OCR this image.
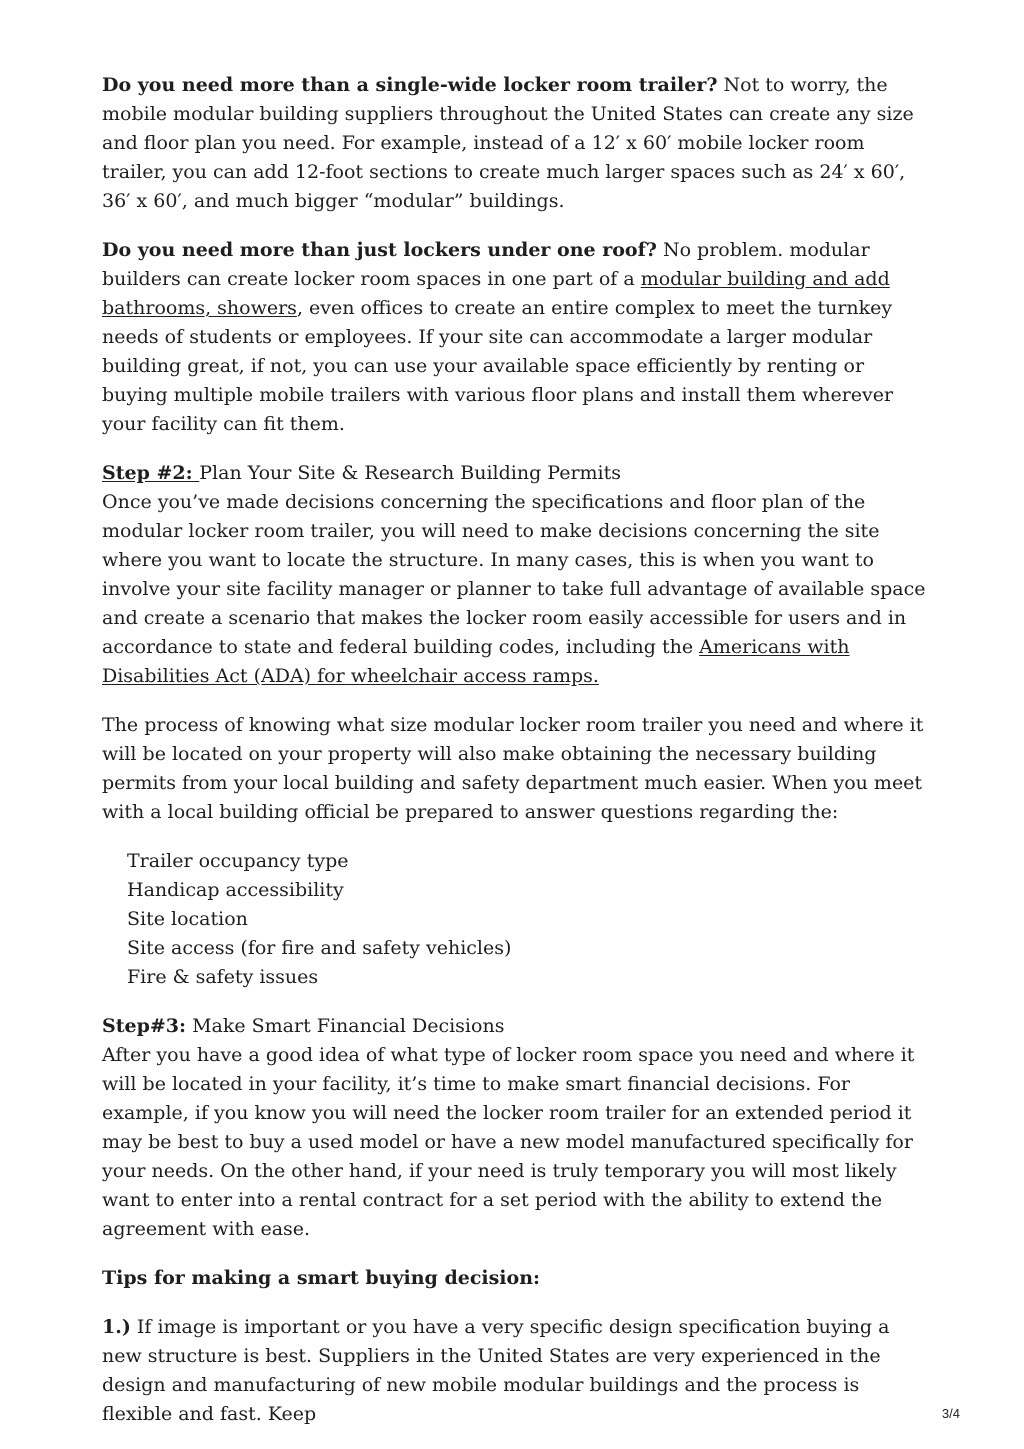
Do you need more than a single-wide locker room trailer? Not to worry, the mobile modular building suppliers throughout the United States can create any size and floor plan you need. For example, instead of a 12′ x 60′ mobile locker room trailer, you can add 12-foot sections to create much larger spaces such as 24′ x 60′, 36′ x 60′, and much bigger “modular” buildings.

Do you need more than just lockers under one roof? No problem. modular builders can create locker room spaces in one part of a modular building and add bathrooms, showers, even offices to create an entire complex to meet the turnkey needs of students or employees. If your site can accommodate a larger modular building great, if not, you can use your available space efficiently by renting or buying multiple mobile trailers with various floor plans and install them wherever your facility can fit them.

Step #2: Plan Your Site & Research Building Permits

Once you’ve made decisions concerning the specifications and floor plan of the modular locker room trailer, you will need to make decisions concerning the site where you want to locate the structure. In many cases, this is when you want to involve your site facility manager or planner to take full advantage of available space and create a scenario that makes the locker room easily accessible for users and in accordance to state and federal building codes, including the Americans with Disabilities Act (ADA) for wheelchair access ramps.

The process of knowing what size modular locker room trailer you need and where it will be located on your property will also make obtaining the necessary building permits from your local building and safety department much easier. When you meet with a local building official be prepared to answer questions regarding the:

Trailer occupancy type
Handicap accessibility
Site location
Site access (for fire and safety vehicles)
Fire & safety issues

Step#3: Make Smart Financial Decisions

After you have a good idea of what type of locker room space you need and where it will be located in your facility, it’s time to make smart financial decisions. For example, if you know you will need the locker room trailer for an extended period it may be best to buy a used model or have a new model manufactured specifically for your needs. On the other hand, if your need is truly temporary you will most likely want to enter into a rental contract for a set period with the ability to extend the agreement with ease.

Tips for making a smart buying decision:

1.) If image is important or you have a very specific design specification buying a new structure is best. Suppliers in the United States are very experienced in the design and manufacturing of new mobile modular buildings and the process is flexible and fast. Keep	3/4
